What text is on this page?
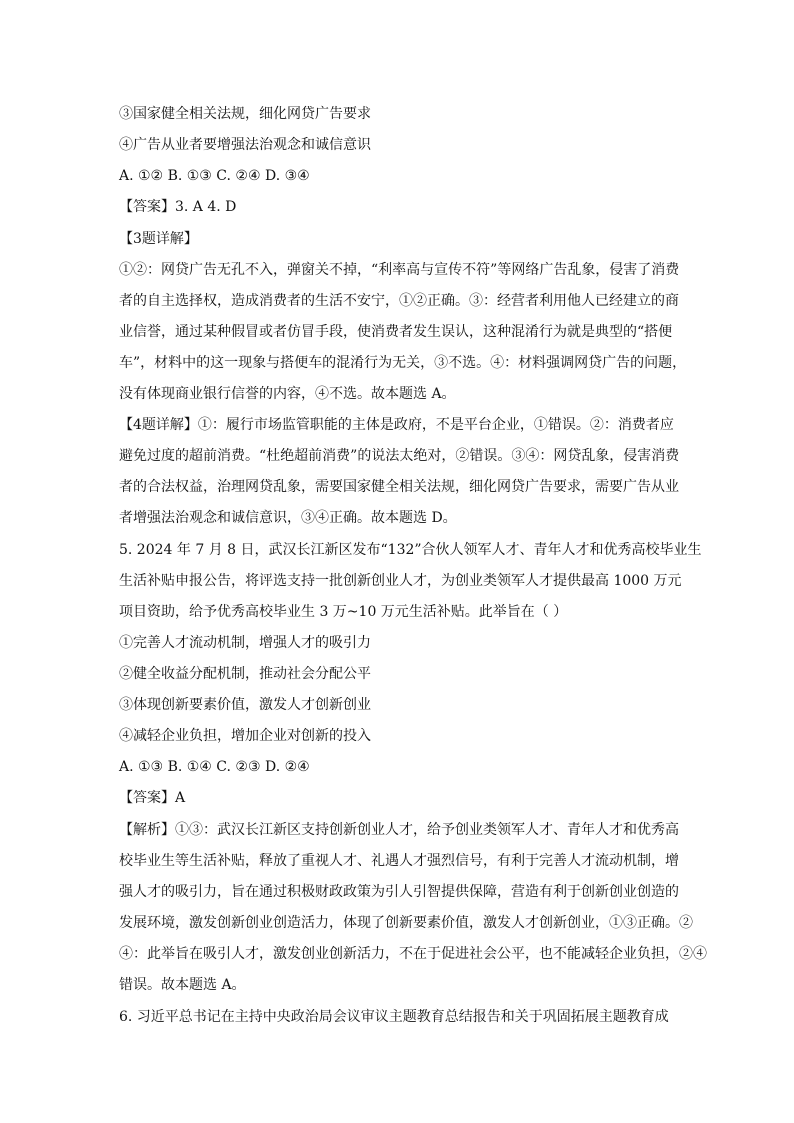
③国家健全相关法规，细化网贷广告要求
④广告从业者要增强法治观念和诚信意识
A. ①② B. ①③ C. ②④ D. ③④
【答案】3. A 4. D
【3题详解】
①②：网贷广告无孔不入，弹窗关不掉，“利率高与宣传不符”等网络广告乱象，侵害了消费
者的自主选择权，造成消费者的生活不安宁，①②正确。③：经营者利用他人已经建立的商
业信誉，通过某种假冒或者仿冒手段，使消费者发生误认，这种混淆行为就是典型的“搭便
车”，材料中的这一现象与搭便车的混淆行为无关，③不选。④：材料强调网贷广告的问题，
没有体现商业银行信誉的内容，④不选。故本题选 A。
【4题详解】①：履行市场监管职能的主体是政府，不是平台企业，①错误。②：消费者应
避免过度的超前消费。“杜绝超前消费”的说法太绝对，②错误。③④：网贷乱象，侵害消费
者的合法权益，治理网贷乱象，需要国家健全相关法规，细化网贷广告要求，需要广告从业
者增强法治观念和诚信意识，③④正确。故本题选 D。
5. 2024 年 7 月 8 日，武汉长江新区发布“132”合伙人领军人才、青年人才和优秀高校毕业生
生活补贴申报公告，将评选支持一批创新创业人才，为创业类领军人才提供最高 1000 万元
项目资助，给予优秀高校毕业生 3 万~10 万元生活补贴。此举旨在（ ）
①完善人才流动机制，增强人才的吸引力
②健全收益分配机制，推动社会分配公平
③体现创新要素价值，激发人才创新创业
④减轻企业负担，增加企业对创新的投入
A. ①③ B. ①④ C. ②③ D. ②④
【答案】A
【解析】①③：武汉长江新区支持创新创业人才，给予创业类领军人才、青年人才和优秀高
校毕业生等生活补贴，释放了重视人才、礼遇人才强烈信号，有利于完善人才流动机制，增
强人才的吸引力，旨在通过积极财政政策为引人引智提供保障，营造有利于创新创业创造的
发展环境，激发创新创业创造活力，体现了创新要素价值，激发人才创新创业，①③正确。②
④：此举旨在吸引人才，激发创业创新活力，不在于促进社会公平，也不能减轻企业负担，②④
错误。故本题选 A。
6. 习近平总书记在主持中央政治局会议审议主题教育总结报告和关于巩固拓展主题教育成
